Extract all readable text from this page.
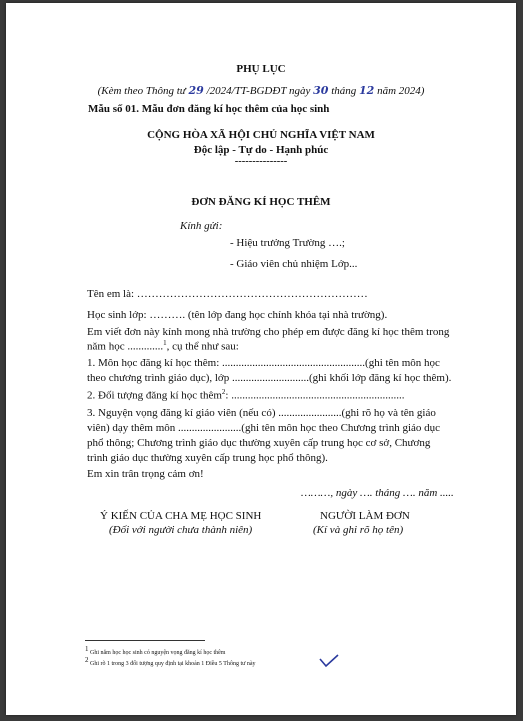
PHỤ LỤC
(Kèm theo Thông tư 29 /2024/TT-BGDĐT ngày 30 tháng 12 năm 2024)
Mẫu số 01. Mẫu đơn đăng kí học thêm của học sinh
CỘNG HÒA XÃ HỘI CHỦ NGHĨA VIỆT NAM
Độc lập - Tự do - Hạnh phúc
---------------
ĐƠN ĐĂNG KÍ HỌC THÊM
Kính gửi:
- Hiệu trưởng Trường ….;
- Giáo viên chủ nhiệm Lớp...
Tên em là: ………………………………………………………
Học sinh lớp: ………. (tên lớp đang học chính khóa tại nhà trường).
Em viết đơn này kính mong nhà trường cho phép em được đăng kí học thêm trong
năm học .............$^1$, cụ thể như sau:
1. Môn học đăng kí học thêm: ....................................................(ghi tên môn học
theo chương trình giáo dục), lớp ............................(ghi khối lớp đăng kí học thêm).
2. Đối tượng đăng kí học thêm$^2$: ...............................................................
3. Nguyện vọng đăng kí giáo viên (nếu có) .......................(ghi rõ họ và tên giáo
viên) dạy thêm môn .......................(ghi tên môn học theo Chương trình giáo dục
phổ thông; Chương trình giáo dục thường xuyên cấp trung học cơ sở, Chương
trình giáo dục thường xuyên cấp trung học phổ thông).
Em xin trân trọng cảm ơn!
………, ngày …. tháng …. năm .....
Ý KIẾN CỦA CHA MẸ HỌC SINH
(Đối với người chưa thành niên)
NGƯỜI LÀM ĐƠN
(Kí và ghi rõ họ tên)
$^1$ Ghi năm học học sinh có nguyện vọng đăng kí học thêm
$^2$ Ghi rõ 1 trong 3 đối tượng quy định tại khoản 1 Điều 5 Thông tư này
